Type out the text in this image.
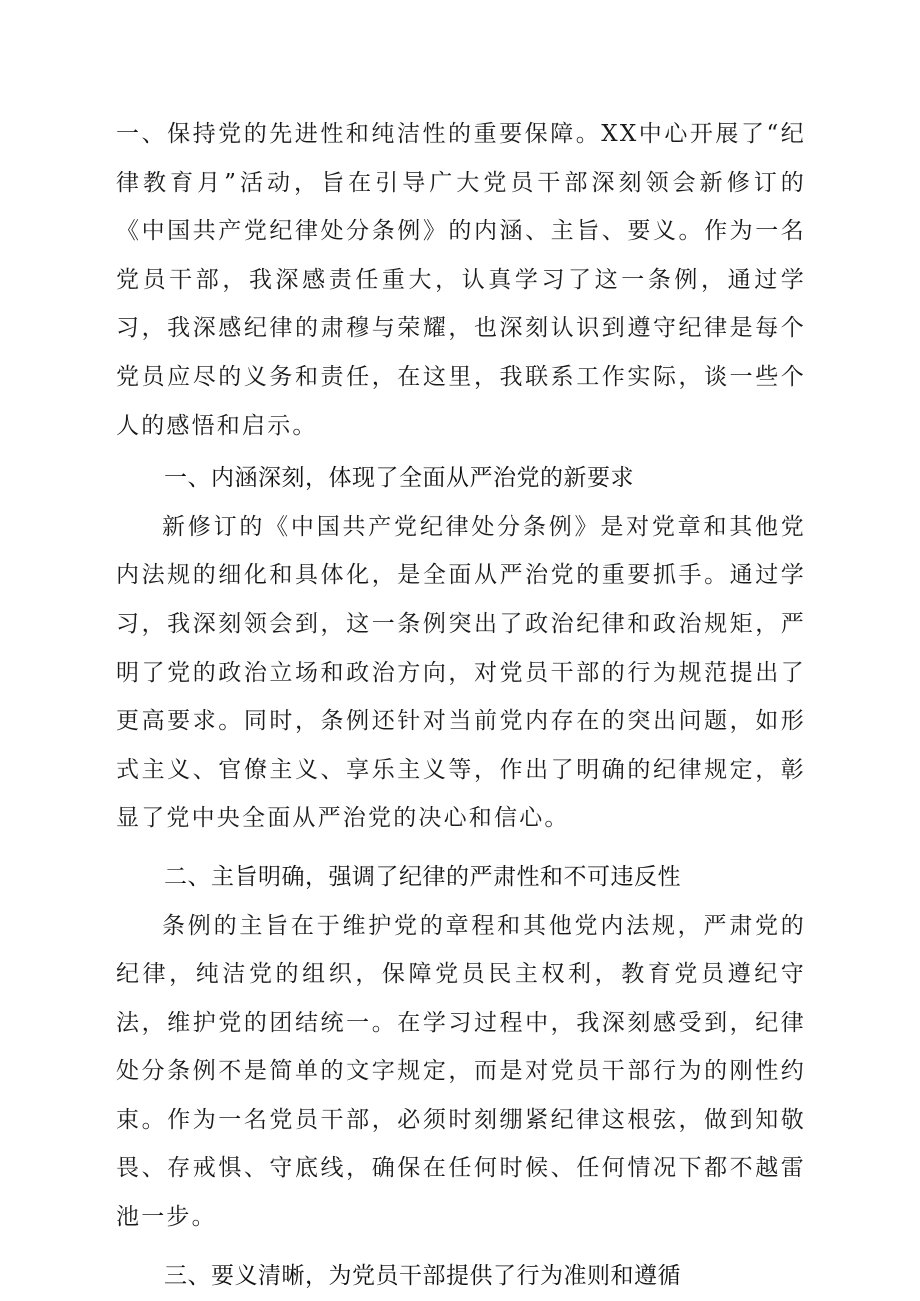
一、保持党的先进性和纯洁性的重要保障。XX中心开展了“纪律教育月”活动，旨在引导广大党员干部深刻领会新修订的《中国共产党纪律处分条例》的内涵、主旨、要义。作为一名党员干部，我深感责任重大，认真学习了这一条例，通过学习，我深感纪律的肃穆与荣耀，也深刻认识到遵守纪律是每个党员应尽的义务和责任，在这里，我联系工作实际，谈一些个人的感悟和启示。

一、内涵深刻，体现了全面从严治党的新要求

新修订的《中国共产党纪律处分条例》是对党章和其他党内法规的细化和具体化，是全面从严治党的重要抓手。通过学习，我深刻领会到，这一条例突出了政治纪律和政治规矩，严明了党的政治立场和政治方向，对党员干部的行为规范提出了更高要求。同时，条例还针对当前党内存在的突出问题，如形式主义、官僚主义、享乐主义等，作出了明确的纪律规定，彰显了党中央全面从严治党的决心和信心。

二、主旨明确，强调了纪律的严肃性和不可违反性

条例的主旨在于维护党的章程和其他党内法规，严肃党的纪律，纯洁党的组织，保障党员民主权利，教育党员遵纪守法，维护党的团结统一。在学习过程中，我深刻感受到，纪律处分条例不是简单的文字规定，而是对党员干部行为的刚性约束。作为一名党员干部，必须时刻绷紧纪律这根弦，做到知敬畏、存戒惧、守底线，确保在任何时候、任何情况下都不越雷池一步。

三、要义清晰，为党员干部提供了行为准则和遵循
